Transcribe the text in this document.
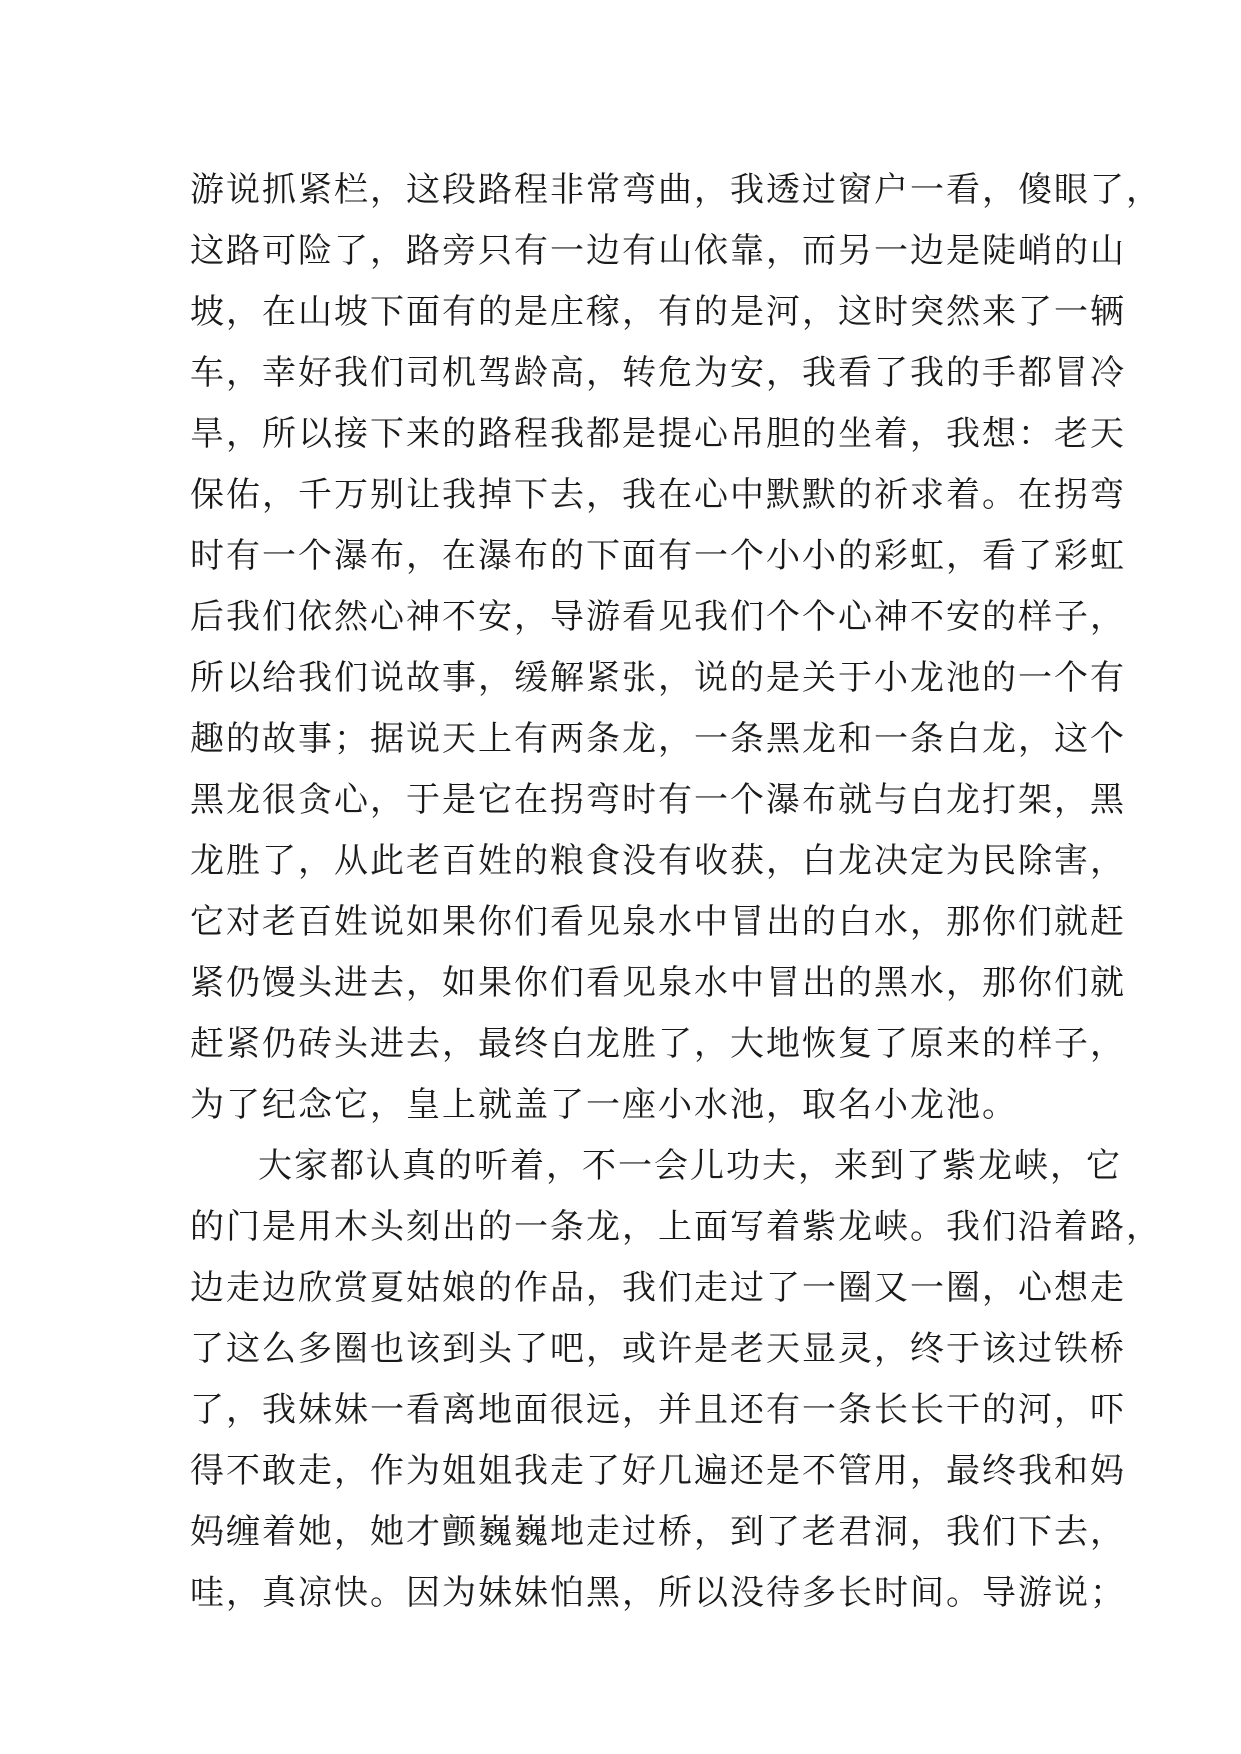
游说抓紧栏，这段路程非常弯曲，我透过窗户一看，傻眼了，
这路可险了，路旁只有一边有山依靠，而另一边是陡峭的山
坡，在山坡下面有的是庄稼，有的是河，这时突然来了一辆
车，幸好我们司机驾龄高，转危为安，我看了我的手都冒冷
旱，所以接下来的路程我都是提心吊胆的坐着，我想：老天
保佑，千万别让我掉下去，我在心中默默的祈求着。在拐弯
时有一个瀑布，在瀑布的下面有一个小小的彩虹，看了彩虹
后我们依然心神不安，导游看见我们个个心神不安的样子，
所以给我们说故事，缓解紧张，说的是关于小龙池的一个有
趣的故事；据说天上有两条龙，一条黑龙和一条白龙，这个
黑龙很贪心，于是它在拐弯时有一个瀑布就与白龙打架，黑
龙胜了，从此老百姓的粮食没有收获，白龙决定为民除害，
它对老百姓说如果你们看见泉水中冒出的白水，那你们就赶
紧仍馒头进去，如果你们看见泉水中冒出的黑水，那你们就
赶紧仍砖头进去，最终白龙胜了，大地恢复了原来的样子，
为了纪念它，皇上就盖了一座小水池，取名小龙池。
大家都认真的听着，不一会儿功夫，来到了紫龙峡，它
的门是用木头刻出的一条龙，上面写着紫龙峡。我们沿着路，
边走边欣赏夏姑娘的作品，我们走过了一圈又一圈，心想走
了这么多圈也该到头了吧，或许是老天显灵，终于该过铁桥
了，我妹妹一看离地面很远，并且还有一条长长干的河，吓
得不敢走，作为姐姐我走了好几遍还是不管用，最终我和妈
妈缠着她，她才颤巍巍地走过桥，到了老君洞，我们下去，
哇，真凉快。因为妹妹怕黑，所以没待多长时间。导游说；
